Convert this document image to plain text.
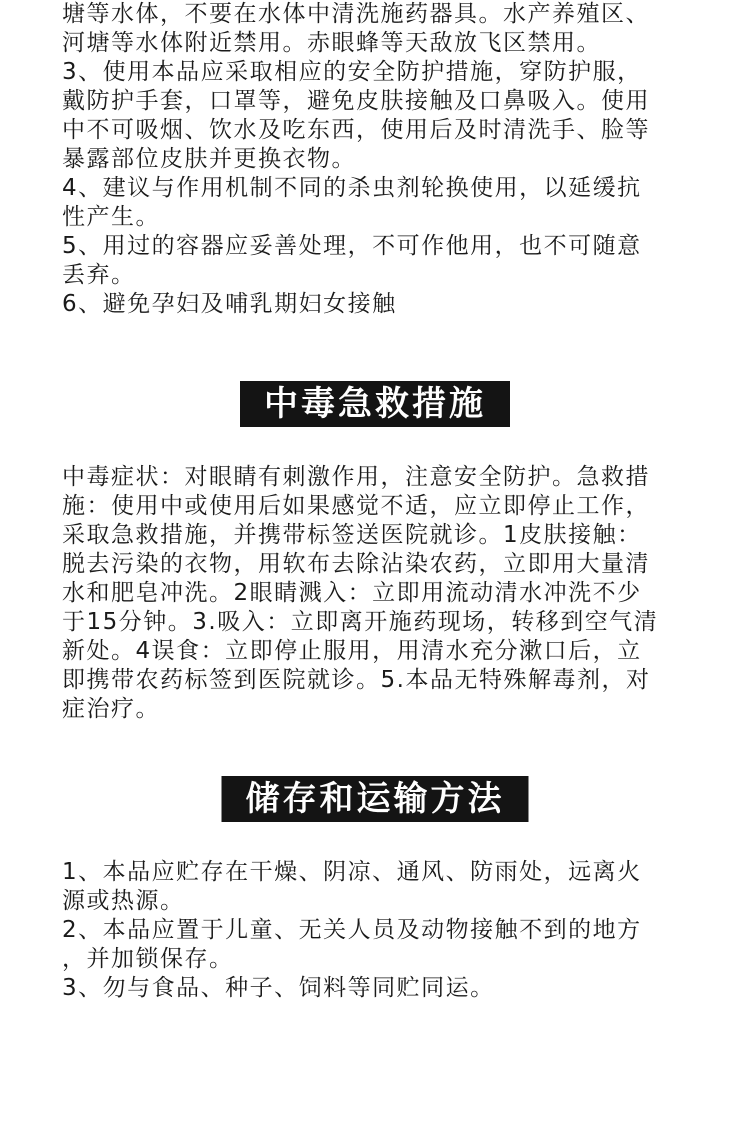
塘等水体，不要在水体中清洗施药器具。水产养殖区、

河塘等水体附近禁用。赤眼蜂等天敌放飞区禁用。

3、使用本品应采取相应的安全防护措施，穿防护服，

戴防护手套，口罩等，避免皮肤接触及口鼻吸入。使用

中不可吸烟、饮水及吃东西，使用后及时清洗手、脸等

暴露部位皮肤并更换衣物。

4、建议与作用机制不同的杀虫剂轮换使用，以延缓抗

性产生。

5、用过的容器应妥善处理，不可作他用，也不可随意

丢弃。

6、避免孕妇及哺乳期妇女接触

中毒急救措施

中毒症状：对眼睛有刺激作用，注意安全防护。急救措

施：使用中或使用后如果感觉不适，应立即停止工作，

采取急救措施，并携带标签送医院就诊。1皮肤接触：

脱去污染的衣物，用软布去除沾染农药，立即用大量清

水和肥皂冲洗。2眼睛溅入：立即用流动清水冲洗不少

于15分钟。3.吸入：立即离开施药现场，转移到空气清

新处。4误食：立即停止服用，用清水充分漱口后，立

即携带农药标签到医院就诊。5.本品无特殊解毒剂，对

症治疗。

储存和运输方法

1、本品应贮存在干燥、阴凉、通风、防雨处，远离火

源或热源。

2、本品应置于儿童、无关人员及动物接触不到的地方

，并加锁保存。

3、勿与食品、种子、饲料等同贮同运。
